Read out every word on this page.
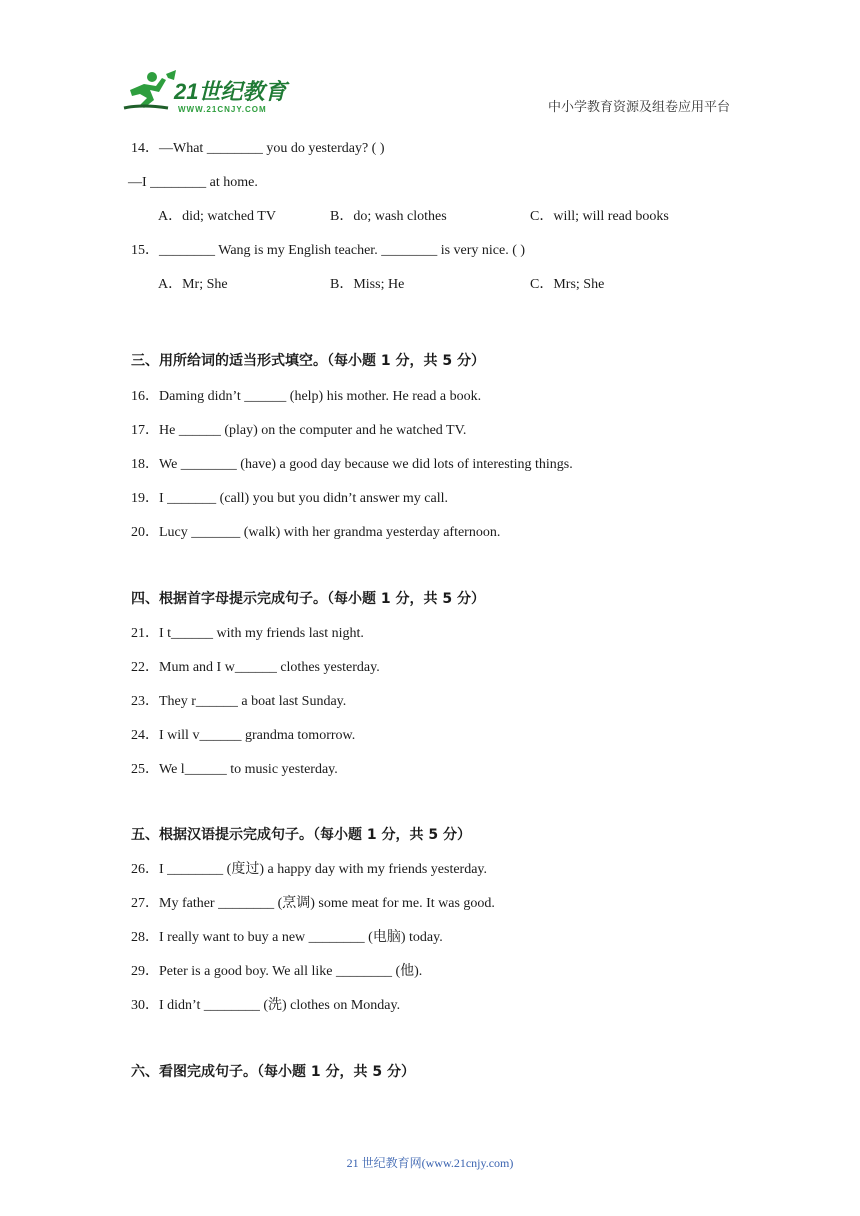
21世纪教育
WWW.21CNJY.COM	中小学教育资源及组卷应用平台
14．—What ________ you do yesterday? ( )
—I ________ at home.
A．did; watched TV	B．do; wash clothes	C．will; will read books
15．________ Wang is my English teacher. ________ is very nice. ( )
A．Mr; She	B．Miss; He	C．Mrs; She
三、用所给词的适当形式填空。（每小题 1 分，共 5 分）
16．Daming didn’t ______ (help) his mother. He read a book.
17．He ______ (play) on the computer and he watched TV.
18．We ________ (have) a good day because we did lots of interesting things.
19．I _______ (call) you but you didn’t answer my call.
20．Lucy _______ (walk) with her grandma yesterday afternoon.
四、根据首字母提示完成句子。（每小题 1 分，共 5 分）
21．I t______ with my friends last night.
22．Mum and I w______ clothes yesterday.
23．They r______ a boat last Sunday.
24．I will v______ grandma tomorrow.
25．We l______ to music yesterday.
五、根据汉语提示完成句子。（每小题 1 分，共 5 分）
26．I ________ (度过) a happy day with my friends yesterday.
27．My father ________ (烹调) some meat for me. It was good.
28．I really want to buy a new ________ (电脑) today.
29．Peter is a good boy. We all like ________ (他).
30．I didn’t ________ (洗) clothes on Monday.
六、看图完成句子。（每小题 1 分，共 5 分）
21 世纪教育网(www.21cnjy.com)
